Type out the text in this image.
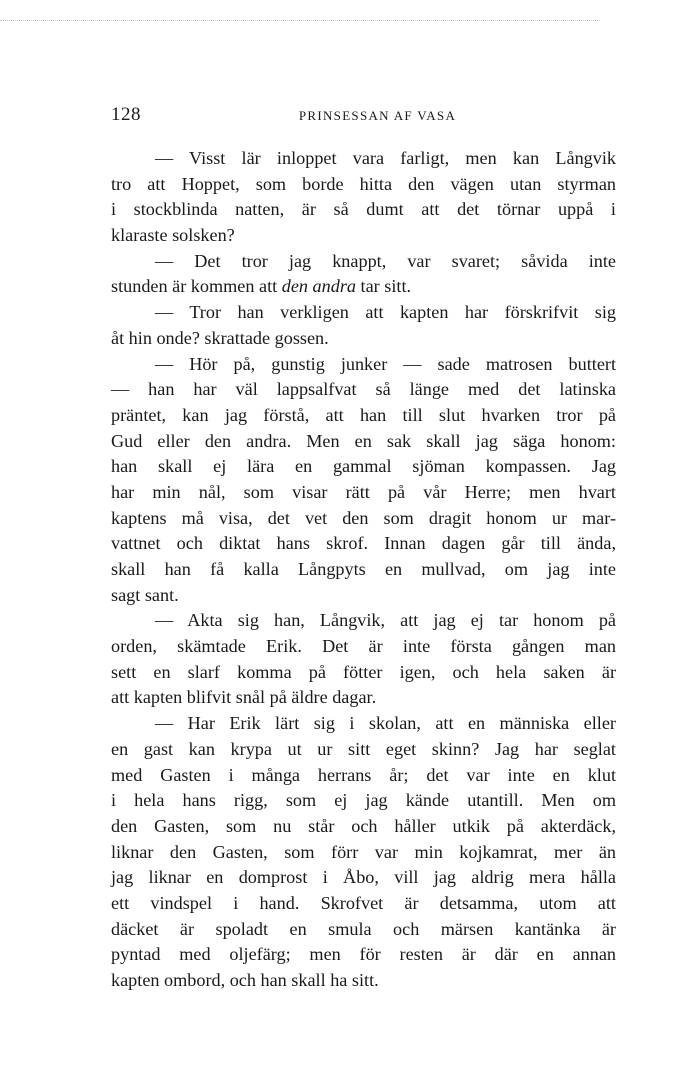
128	PRINSESSAN AF VASA
— Visst lär inloppet vara farligt, men kan Långvik
tro att Hoppet, som borde hitta den vägen utan styrman
i stockblinda natten, är så dumt att det törnar uppå i
klaraste solsken?
— Det tror jag knappt, var svaret; såvida inte
stunden är kommen att den andra tar sitt.
— Tror han verkligen att kapten har förskrifvit sig
åt hin onde? skrattade gossen.
— Hör på, gunstig junker — sade matrosen buttert
— han har väl lappsalfvat så länge med det latinska
präntet, kan jag förstå, att han till slut hvarken tror på
Gud eller den andra. Men en sak skall jag säga honom:
han skall ej lära en gammal sjöman kompassen. Jag
har min nål, som visar rätt på vår Herre; men hvart
kaptens må visa, det vet den som dragit honom ur mar-
vattnet och diktat hans skrof. Innan dagen går till ända,
skall han få kalla Långpyts en mullvad, om jag inte
sagt sant.
— Akta sig han, Långvik, att jag ej tar honom på
orden, skämtade Erik. Det är inte första gången man
sett en slarf komma på fötter igen, och hela saken är
att kapten blifvit snål på äldre dagar.
— Har Erik lärt sig i skolan, att en människa eller
en gast kan krypa ut ur sitt eget skinn? Jag har seglat
med Gasten i många herrans år; det var inte en klut
i hela hans rigg, som ej jag kände utantill. Men om
den Gasten, som nu står och håller utkik på akterdäck,
liknar den Gasten, som förr var min kojkamrat, mer än
jag liknar en domprost i Åbo, vill jag aldrig mera hålla
ett vindspel i hand. Skrofvet är detsamma, utom att
däcket är spoladt en smula och märsen kantänka är
pyntad med oljefärg; men för resten är där en annan
kapten ombord, och han skall ha sitt.
